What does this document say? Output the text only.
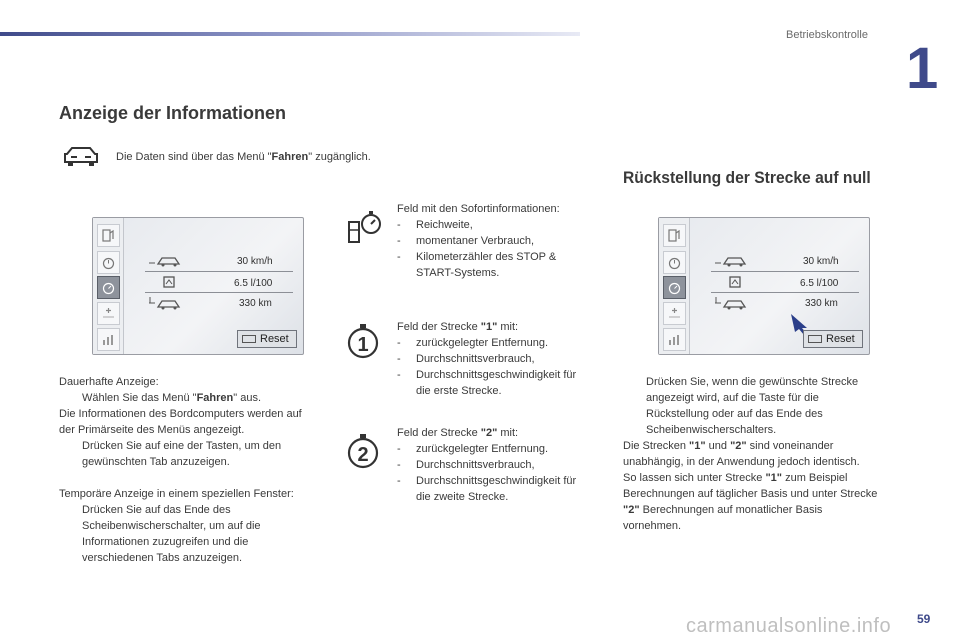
Betriebskontrolle
1
Anzeige der Informationen
Die Daten sind über das Menü "Fahren" zugänglich.
30 km/h
6.5 l/100
330 km
Reset
Feld mit den Sofortinformationen:
- Reichweite,
- momentaner Verbrauch,
- Kilometerzähler des STOP & START-Systems.
1
Feld der Strecke "1" mit:
- zurückgelegter Entfernung.
- Durchschnittsverbrauch,
- Durchschnittsgeschwindigkeit für die erste Strecke.
2
Feld der Strecke "2" mit:
- zurückgelegter Entfernung.
- Durchschnittsverbrauch,
- Durchschnittsgeschwindigkeit für die zweite Strecke.
Dauerhafte Anzeige:
Wählen Sie das Menü "Fahren" aus.
Die Informationen des Bordcomputers werden auf der Primärseite des Menüs angezeigt.
Drücken Sie auf eine der Tasten, um den gewünschten Tab anzuzeigen.
Temporäre Anzeige in einem speziellen Fenster:
Drücken Sie auf das Ende des Scheibenwischerschalter, um auf die Informationen zuzugreifen und die verschiedenen Tabs anzuzeigen.
Rückstellung der Strecke auf null
30 km/h
6.5 l/100
330 km
Reset
Drücken Sie, wenn die gewünschte Strecke angezeigt wird, auf die Taste für die Rückstellung oder auf das Ende des Scheibenwischerschalters.
Die Strecken "1" und "2" sind voneinander unabhängig, in der Anwendung jedoch identisch.
So lassen sich unter Strecke "1" zum Beispiel Berechnungen auf täglicher Basis und unter Strecke "2" Berechnungen auf monatlicher Basis vornehmen.
carmanualsonline.info 59
